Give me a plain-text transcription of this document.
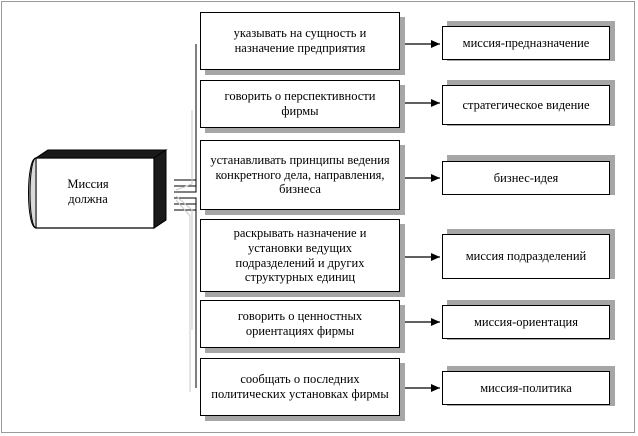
Миссия
должна
указывать на сущность и назначение предприятия
говорить о перспективности фирмы
устанавливать принципы ведения конкретного дела, направления, бизнеса
раскрывать назначение и установки ведущих подразделений и других структурных единиц
говорить о ценностных ориентациях фирмы
сообщать о последних политических установках фирмы
миссия-предназначение
стратегическое видение
бизнес-идея
миссия подразделений
миссия-ориентация
миссия-политика
